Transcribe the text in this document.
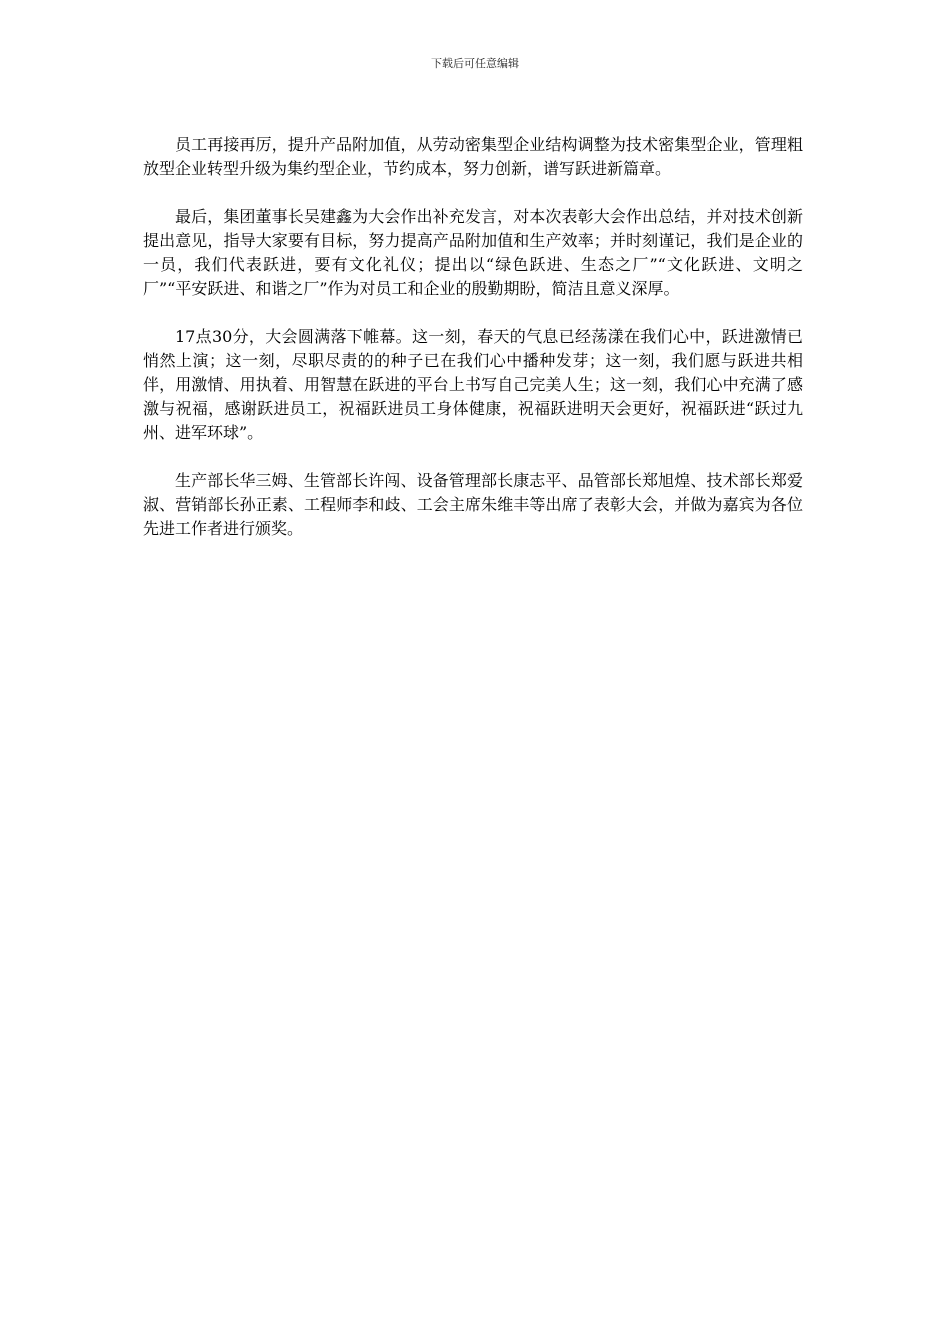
下载后可任意编辑

员工再接再厉，提升产品附加值，从劳动密集型企业结构调整为技术密集型企业，管理粗放型企业转型升级为集约型企业，节约成本，努力创新，谱写跃进新篇章。

最后，集团董事长吴建鑫为大会作出补充发言，对本次表彰大会作出总结，并对技术创新提出意见，指导大家要有目标，努力提高产品附加值和生产效率；并时刻谨记，我们是企业的一员，我们代表跃进，要有文化礼仪；提出以“绿色跃进、生态之厂”“文化跃进、文明之厂”“平安跃进、和谐之厂”作为对员工和企业的殷勤期盼，简洁且意义深厚。

17点30分，大会圆满落下帷幕。这一刻，春天的气息已经荡漾在我们心中，跃进激情已悄然上演；这一刻，尽职尽责的的种子已在我们心中播种发芽；这一刻，我们愿与跃进共相伴，用激情、用执着、用智慧在跃进的平台上书写自己完美人生；这一刻，我们心中充满了感激与祝福，感谢跃进员工，祝福跃进员工身体健康，祝福跃进明天会更好，祝福跃进“跃过九州、进军环球”。

生产部长华三姆、生管部长许闯、设备管理部长康志平、品管部长郑旭煌、技术部长郑爱淑、营销部长孙正素、工程师李和歧、工会主席朱维丰等出席了表彰大会，并做为嘉宾为各位先进工作者进行颁奖。
